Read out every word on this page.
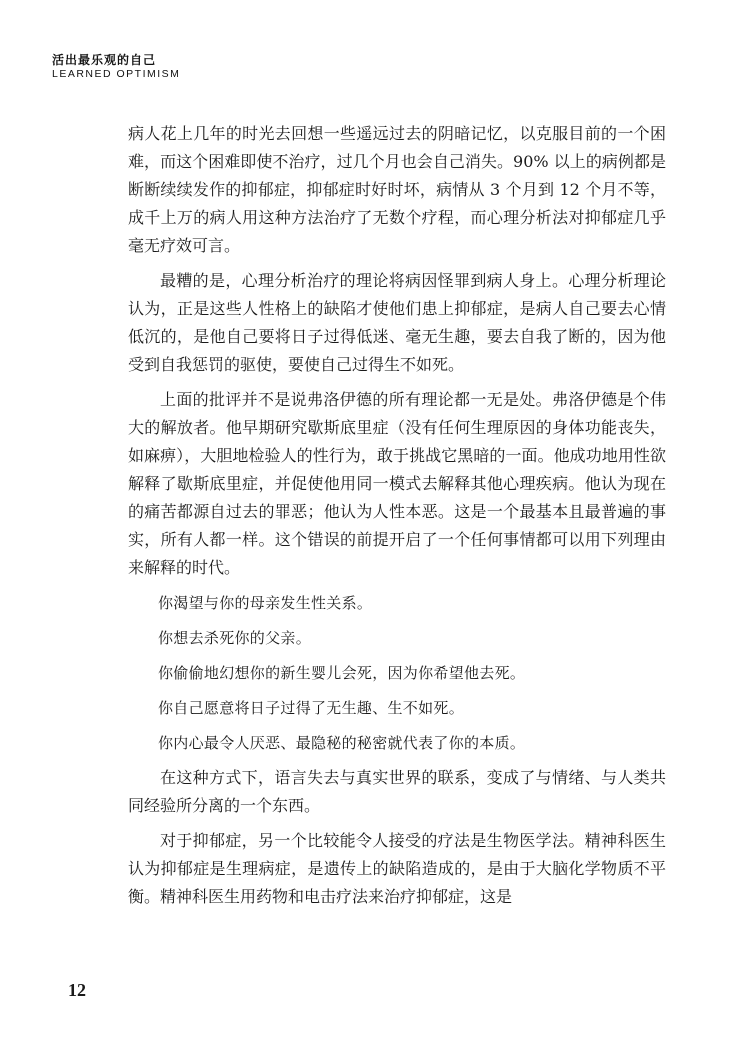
活出最乐观的自己
LEARNED OPTIMISM

病人花上几年的时光去回想一些遥远过去的阴暗记忆，以克服目前的一个困难，而这个困难即使不治疗，过几个月也会自己消失。90% 以上的病例都是断断续续发作的抑郁症，抑郁症时好时坏，病情从 3 个月到 12 个月不等，成千上万的病人用这种方法治疗了无数个疗程，而心理分析法对抑郁症几乎毫无疗效可言。

最糟的是，心理分析治疗的理论将病因怪罪到病人身上。心理分析理论认为，正是这些人性格上的缺陷才使他们患上抑郁症，是病人自己要去心情低沉的，是他自己要将日子过得低迷、毫无生趣，要去自我了断的，因为他受到自我惩罚的驱使，要使自己过得生不如死。

上面的批评并不是说弗洛伊德的所有理论都一无是处。弗洛伊德是个伟大的解放者。他早期研究歇斯底里症（没有任何生理原因的身体功能丧失，如麻痹），大胆地检验人的性行为，敢于挑战它黑暗的一面。他成功地用性欲解释了歇斯底里症，并促使他用同一模式去解释其他心理疾病。他认为现在的痛苦都源自过去的罪恶；他认为人性本恶。这是一个最基本且最普遍的事实，所有人都一样。这个错误的前提开启了一个任何事情都可以用下列理由来解释的时代。

你渴望与你的母亲发生性关系。

你想去杀死你的父亲。

你偷偷地幻想你的新生婴儿会死，因为你希望他去死。

你自己愿意将日子过得了无生趣、生不如死。

你内心最令人厌恶、最隐秘的秘密就代表了你的本质。

在这种方式下，语言失去与真实世界的联系，变成了与情绪、与人类共同经验所分离的一个东西。

对于抑郁症，另一个比较能令人接受的疗法是生物医学法。精神科医生认为抑郁症是生理病症，是遗传上的缺陷造成的，是由于大脑化学物质不平衡。精神科医生用药物和电击疗法来治疗抑郁症，这是

12
